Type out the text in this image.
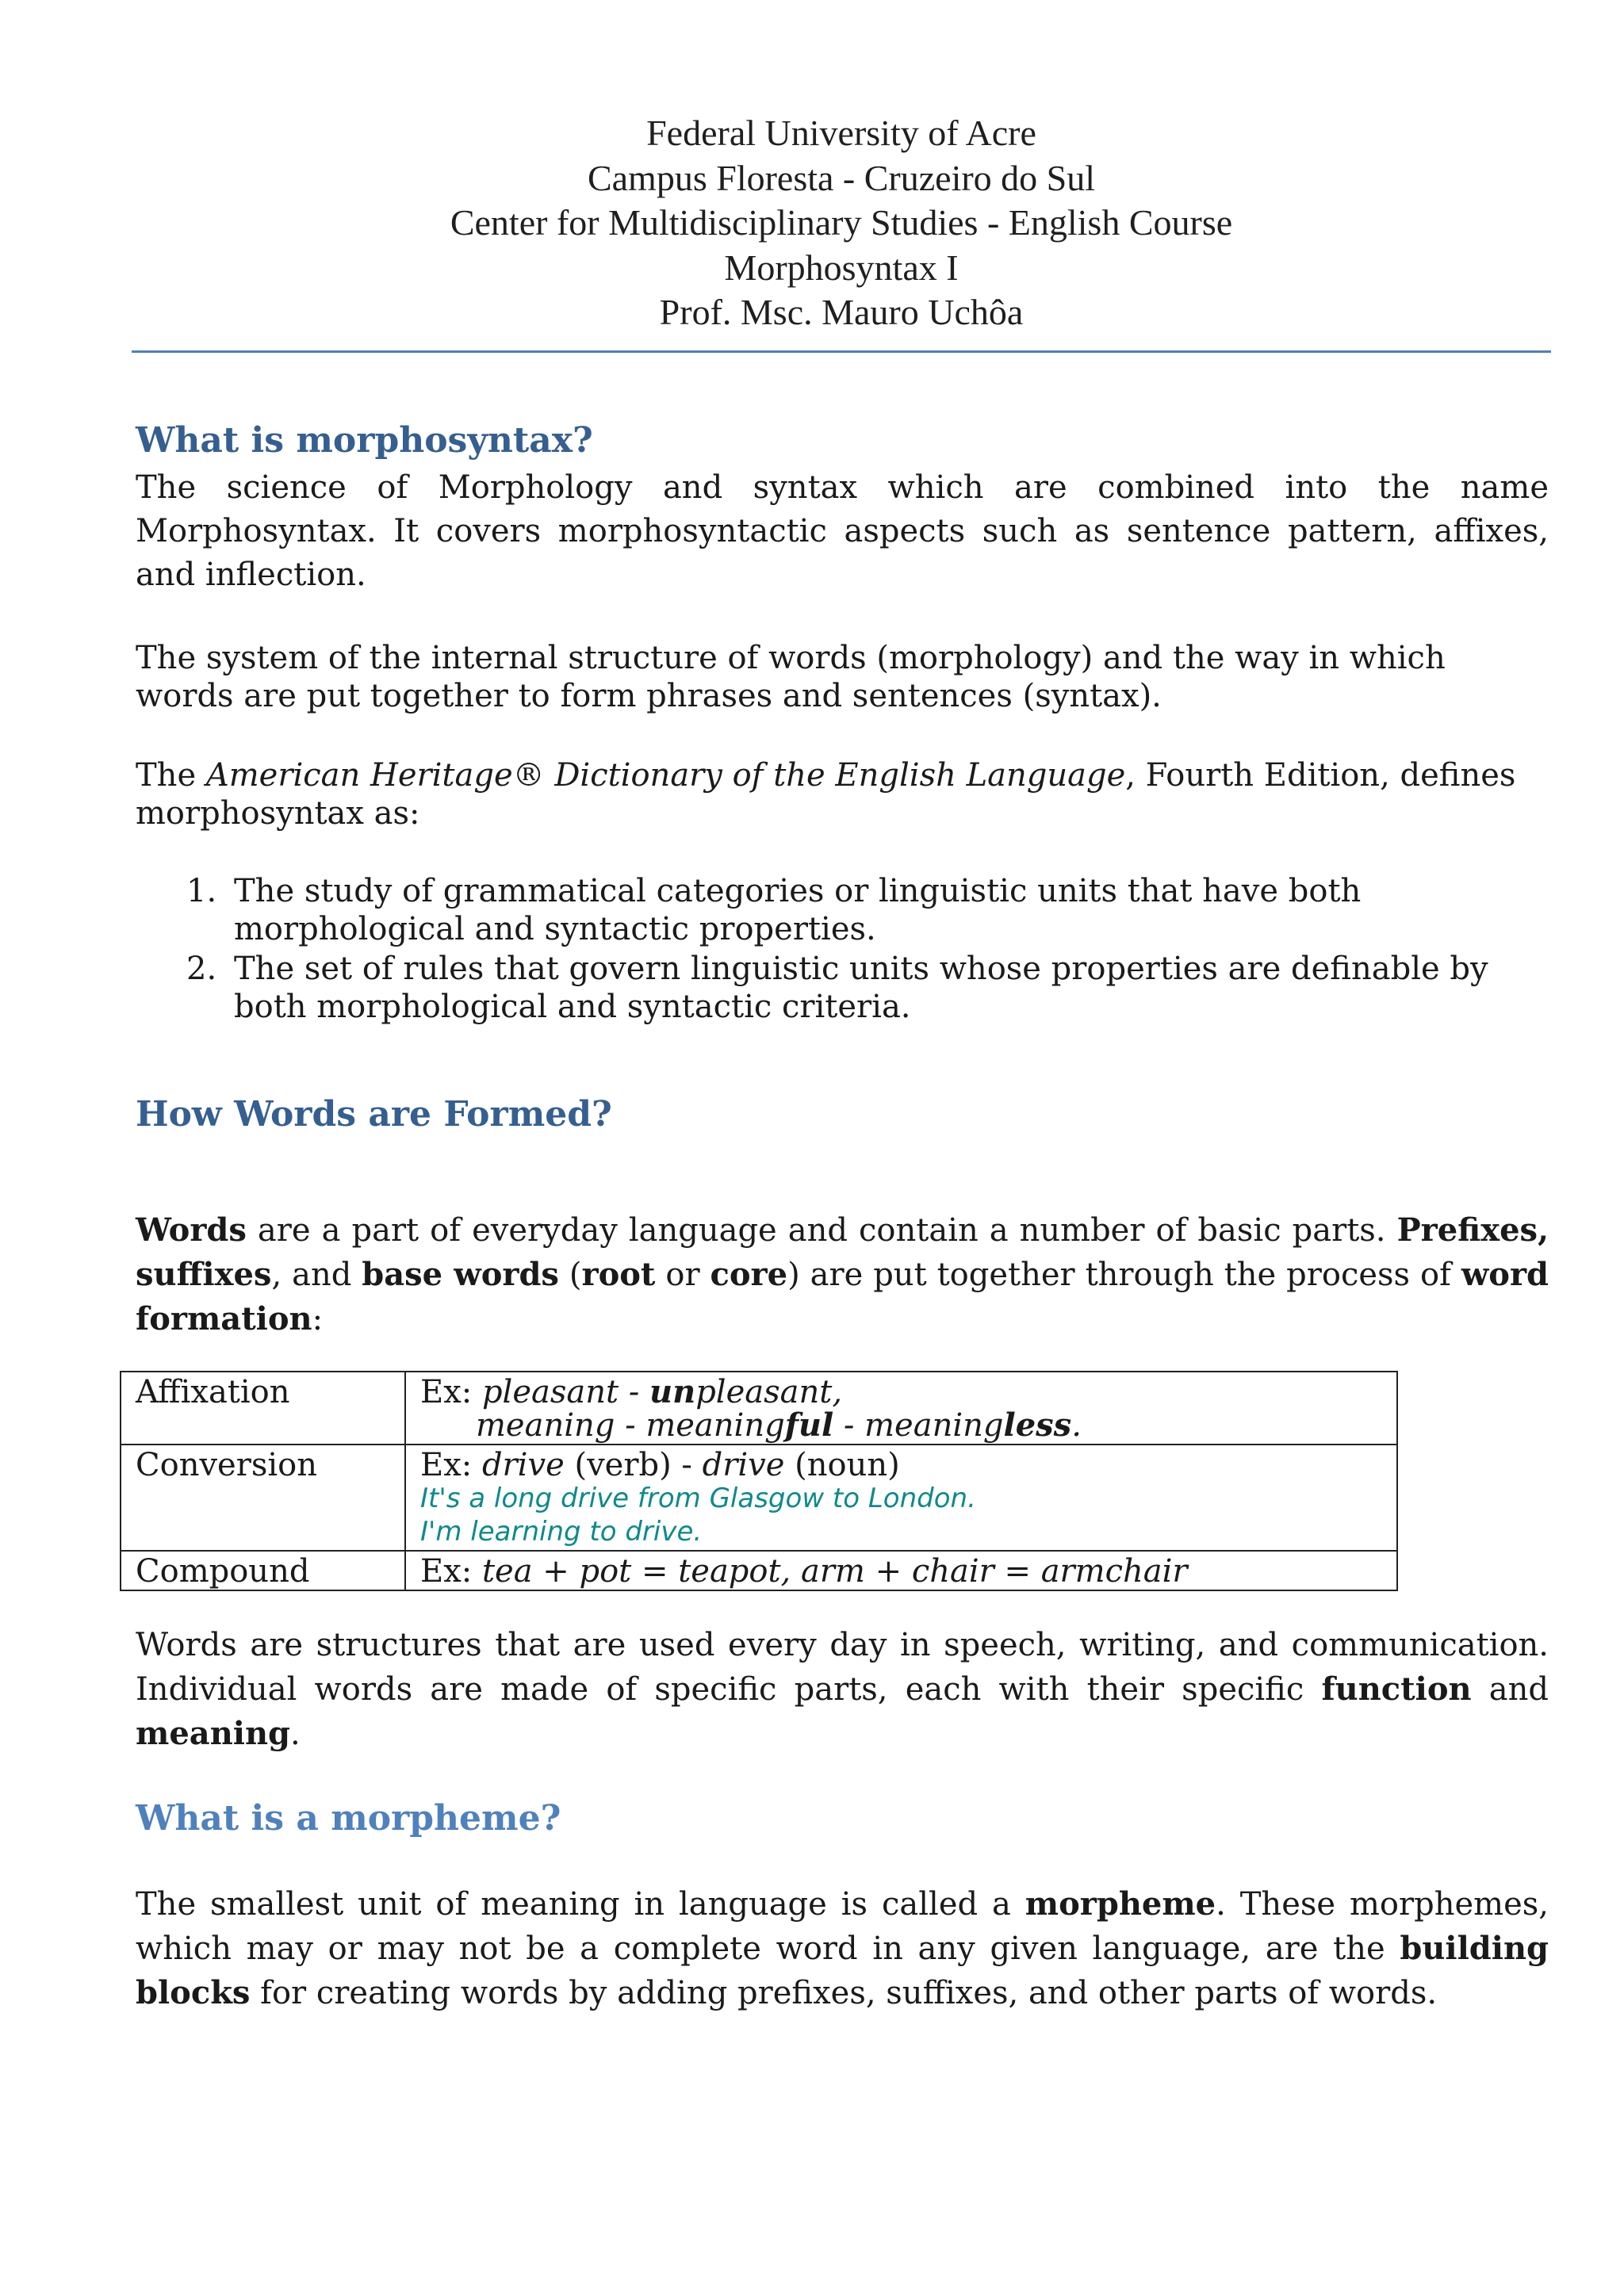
Federal University of Acre
Campus Floresta - Cruzeiro do Sul
Center for Multidisciplinary Studies - English Course
Morphosyntax I
Prof. Msc. Mauro Uchôa
What is morphosyntax?
The science of Morphology and syntax which are combined into the name Morphosyntax. It covers morphosyntactic aspects such as sentence pattern, affixes, and inflection.
The system of the internal structure of words (morphology) and the way in which words are put together to form phrases and sentences (syntax).
The American Heritage® Dictionary of the English Language, Fourth Edition, defines morphosyntax as:
1. The study of grammatical categories or linguistic units that have both morphological and syntactic properties.
2. The set of rules that govern linguistic units whose properties are definable by both morphological and syntactic criteria.
How Words are Formed?
Words are a part of everyday language and contain a number of basic parts. Prefixes, suffixes, and base words (root or core) are put together through the process of word formation:
Affixation	Ex: pleasant - unpleasant,
meaning - meaningful - meaningless.

Conversion	Ex: drive (verb) - drive (noun)
It's a long drive from Glasgow to London.
I'm learning to drive.

Compound	Ex: tea + pot = teapot, arm + chair = armchair
Words are structures that are used every day in speech, writing, and communication. Individual words are made of specific parts, each with their specific function and meaning.
What is a morpheme?
The smallest unit of meaning in language is called a morpheme. These morphemes, which may or may not be a complete word in any given language, are the building blocks for creating words by adding prefixes, suffixes, and other parts of words.
